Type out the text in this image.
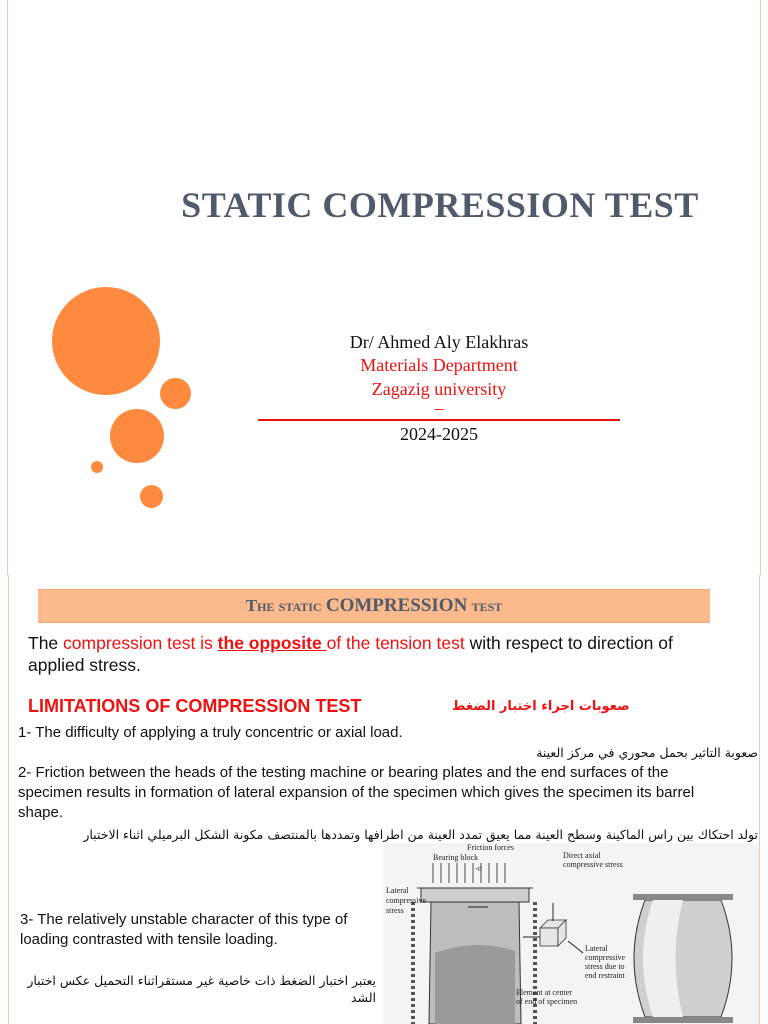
STATIC COMPRESSION TEST
Dr/ Ahmed Aly Elakhras
Materials Department
Zagazig university
–
2024-2025
The static COMPRESSION test
The compression test is the opposite of the tension test with respect to direction of applied stress.
LIMITATIONS OF COMPRESSION TEST	صعوبات اجراء اختبار الضغط
1- The difficulty of applying a truly concentric or axial load.
صعوبة التاثير بحمل محوري في مركز العينة
2- Friction between the heads of the testing machine or bearing plates and the end surfaces of the specimen results in formation of lateral expansion of the specimen which gives the specimen its barrel shape.
تولد احتكاك بين راس الماكينة وسطح العينة مما يعيق تمدد العينة من اطرافها وتمددها بالمنتصف مكونة الشكل البرميلي اثناء الاختبار
3- The relatively unstable character of this type of loading contrasted with tensile loading.
يعتبر اختبار الضغط ذات خاصية غير مستقراثناء التحميل عكس اختبار الشد
Friction forces
Bearing block
-σ
Lateral
compressive
stress
Direct axial
compressive stress
Lateral
compressive
stress due to
end restraint
Element at center
of end of specimen
